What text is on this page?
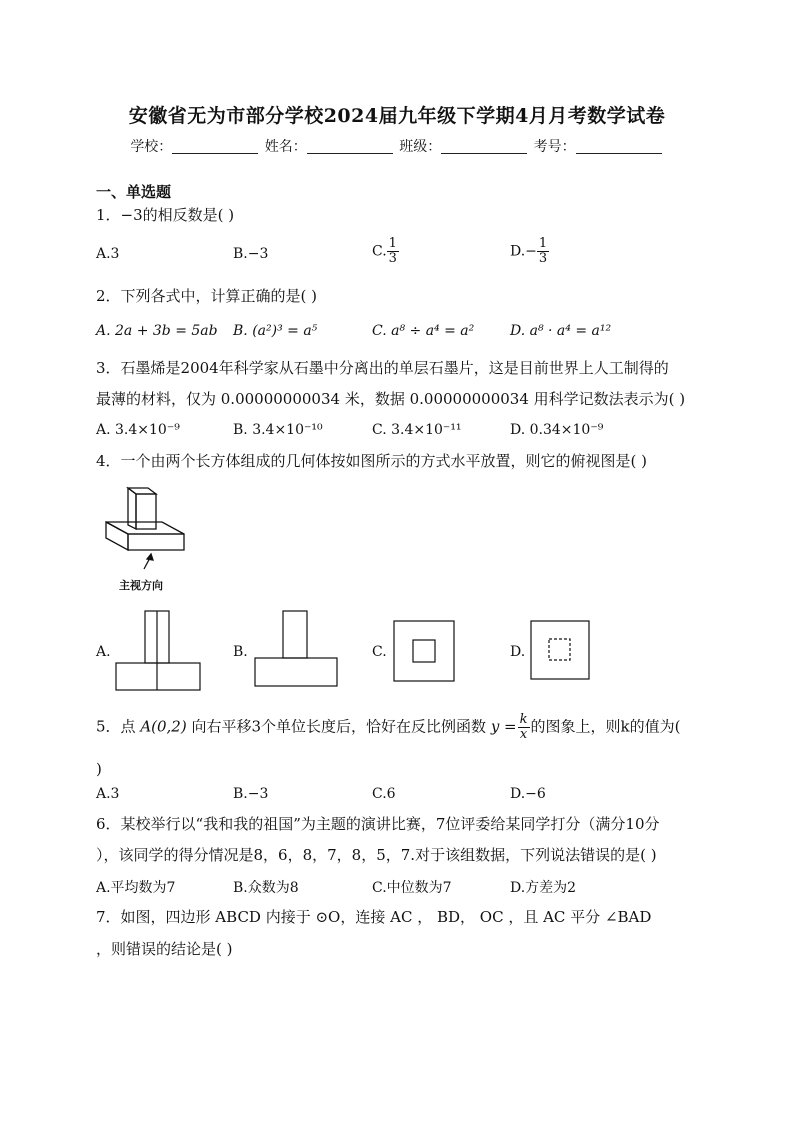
安徽省无为市部分学校2024届九年级下学期4月月考数学试卷
学校：	姓名：	班级：	考号：
一、单选题
1．−3的相反数是( )
A.3	B.−3	C. $\frac{1}{3}$	$D.- \frac{1}{3}$
2．下列各式中，计算正确的是( )
A. 2a + 3b = 5ab B. (a²)³ = a⁵	C. a⁸ ÷ a⁴ = a²	D. a⁸ · a⁴ = a¹²
3．石墨烯是2004年科学家从石墨中分离出的单层石墨片，这是目前世界上人工制得的
最薄的材料，仅为 0.00000000034 米，数据 0.00000000034 用科学记数法表示为( )
A. 3.4×10⁻⁹	B. 3.4×10⁻¹⁰	C. 3.4×10⁻¹¹	D. 0.34×10⁻⁹
4．一个由两个长方体组成的几何体按如图所示的方式水平放置，则它的俯视图是( )
主视方向
A.	B.	C.	D.
5．点 A(0,2) 向右平移3个单位长度后，恰好在反比例函数 $y = \frac{k}{x}$ 的图象上，则k的值为(
)
A.3	B.−3	C.6	D.−6
6．某校举行以“我和我的祖国”为主题的演讲比赛，7位评委给某同学打分（满分10分
），该同学的得分情况是8，6，8，7，8，5，7.对于该组数据，下列说法错误的是( )
A.平均数为7	B.众数为8	C.中位数为7	D.方差为2
7．如图，四边形 ABCD 内接于 ⊙O，连接 AC ， BD， OC ，且 AC 平分 ∠BAD
，则错误的结论是( )
